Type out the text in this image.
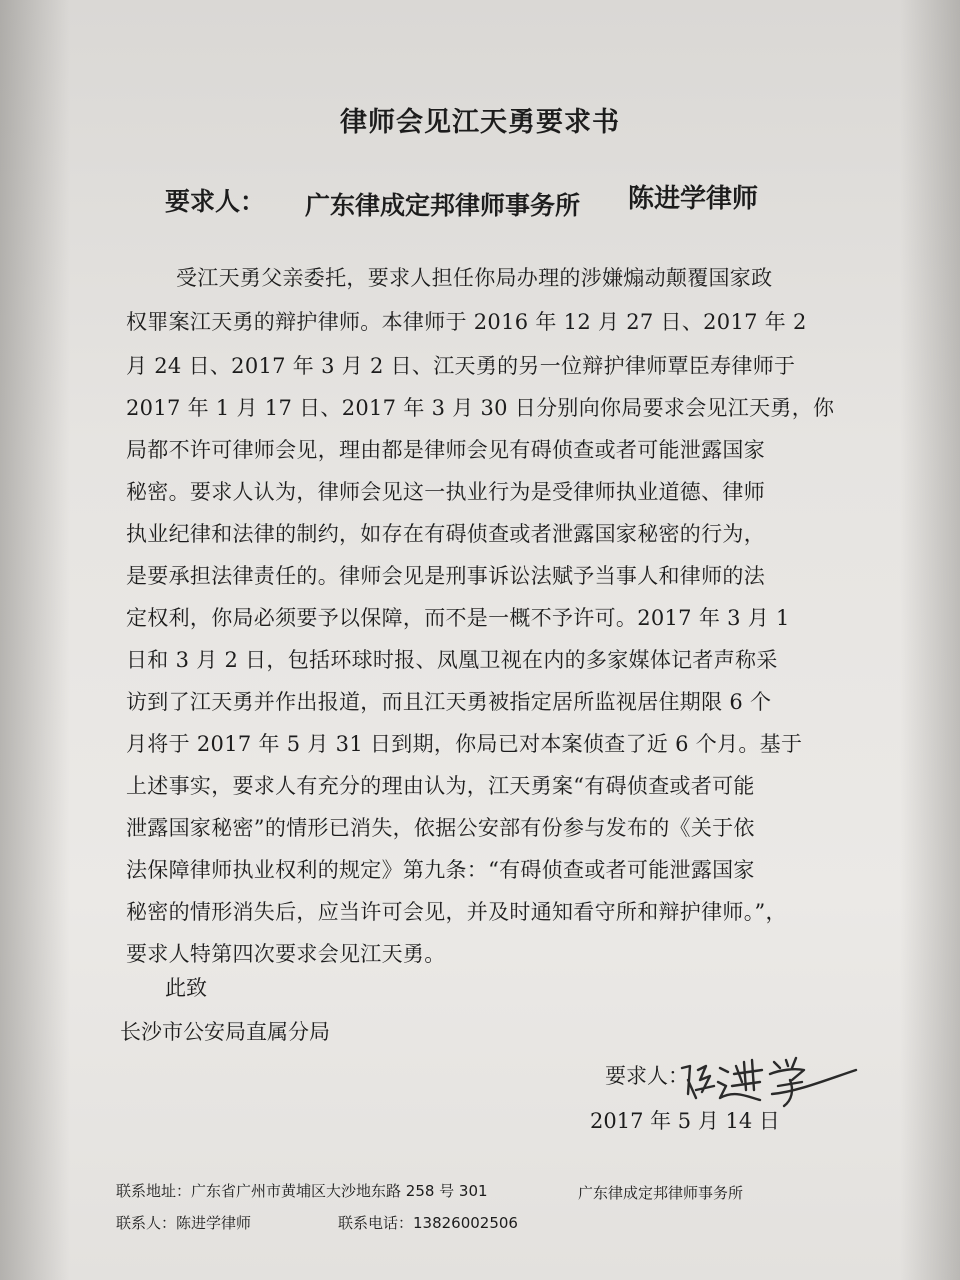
律师会见江天勇要求书
要求人： 广东律成定邦律师事务所 陈进学律师
受江天勇父亲委托，要求人担任你局办理的涉嫌煽动颠覆国家政
权罪案江天勇的辩护律师。本律师于 2016 年 12 月 27 日、2017 年 2
月 24 日、2017 年 3 月 2 日、江天勇的另一位辩护律师覃臣寿律师于
2017 年 1 月 17 日、2017 年 3 月 30 日分别向你局要求会见江天勇，你
局都不许可律师会见，理由都是律师会见有碍侦查或者可能泄露国家
秘密。要求人认为，律师会见这一执业行为是受律师执业道德、律师
执业纪律和法律的制约，如存在有碍侦查或者泄露国家秘密的行为，
是要承担法律责任的。律师会见是刑事诉讼法赋予当事人和律师的法
定权利，你局必须要予以保障，而不是一概不予许可。2017 年 3 月 1
日和 3 月 2 日，包括环球时报、凤凰卫视在内的多家媒体记者声称采
访到了江天勇并作出报道，而且江天勇被指定居所监视居住期限 6 个
月将于 2017 年 5 月 31 日到期，你局已对本案侦查了近 6 个月。基于
上述事实，要求人有充分的理由认为，江天勇案“有碍侦查或者可能
泄露国家秘密”的情形已消失，依据公安部有份参与发布的《关于依
法保障律师执业权利的规定》第九条：“有碍侦查或者可能泄露国家
秘密的情形消失后，应当许可会见，并及时通知看守所和辩护律师。”，
要求人特第四次要求会见江天勇。
此致
长沙市公安局直属分局
要求人：
2017 年 5 月 14 日
联系地址：广东省广州市黄埔区大沙地东路 258 号 301	广东律成定邦律师事务所
联系人：陈进学律师	联系电话：13826002506
